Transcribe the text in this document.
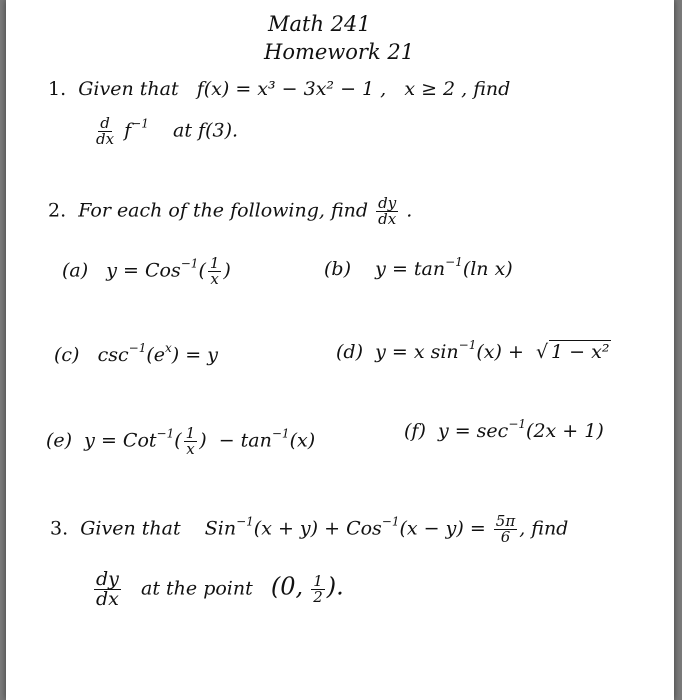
Math 241
Homework 21
1. Given that f(x) = x³ − 3x² − 1 , x ≥ 2 , find
$\frac{d}{dx} f^{-1}$ at f(3).
2. For each of the following, find $\frac{dy}{dx}$ .
(a) $y = Cos^{-1}( \frac{1}{x}$ )	(b) $y = \tan^{-1}(\ln$ x)
(c) $\csc^{-1}(e^x) = y$	(d) y = x $\sin^{-1}(x)$ +  √ 1 − x²
(e) $y = Cot^{-1}( \frac{1}{x}$ )  − $\tan^{-1}(x)$	(f) $y = \sec^{-1}(2x + 1)$
3. Given that $Sin^{-1}(x + y) + Cos^{-1}(x - y) = \frac{5\pi}{6}$ , find
$\frac{dy}{dx}$ at the point (0, $\frac{1}{2}$ ).
